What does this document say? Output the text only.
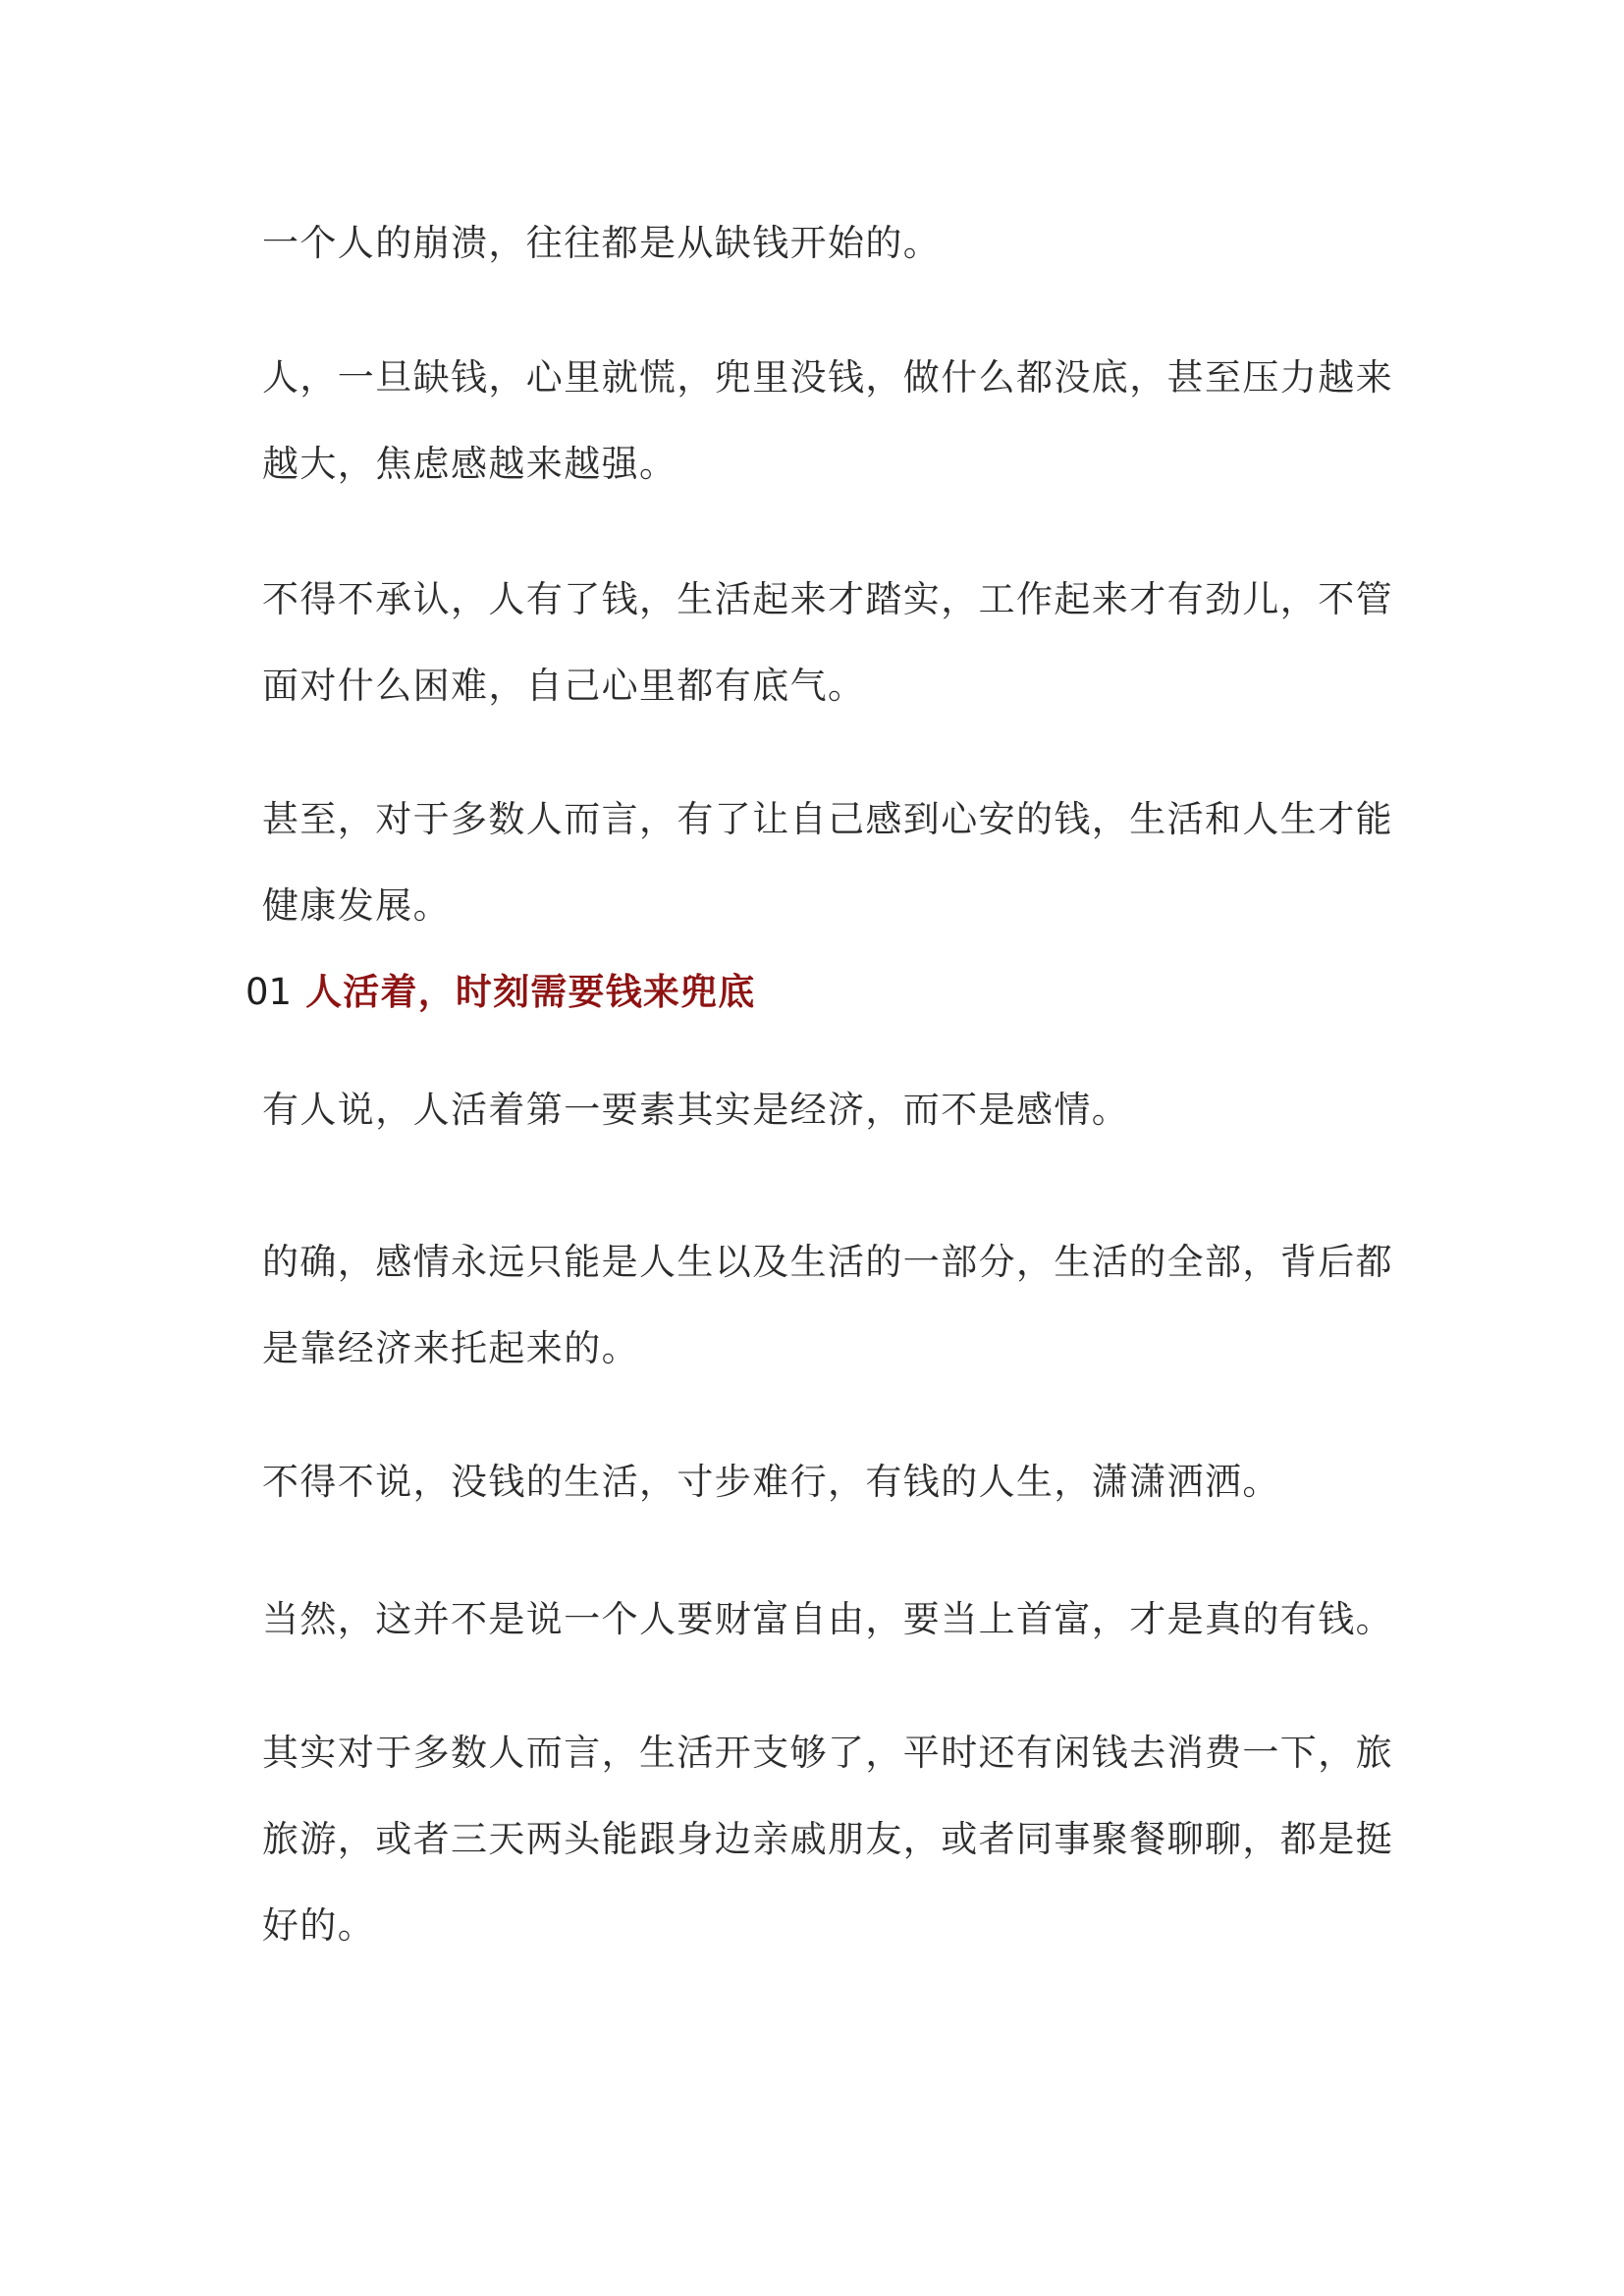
一个人的崩溃，往往都是从缺钱开始的。

人，一旦缺钱，心里就慌，兜里没钱，做什么都没底，甚至压力越来
越大，焦虑感越来越强。

不得不承认，人有了钱，生活起来才踏实，工作起来才有劲儿，不管
面对什么困难，自己心里都有底气。

甚至，对于多数人而言，有了让自己感到心安的钱，生活和人生才能
健康发展。

01 人活着，时刻需要钱来兜底

有人说，人活着第一要素其实是经济，而不是感情。

的确，感情永远只能是人生以及生活的一部分，生活的全部，背后都
是靠经济来托起来的。

不得不说，没钱的生活，寸步难行，有钱的人生，潇潇洒洒。

当然，这并不是说一个人要财富自由，要当上首富，才是真的有钱。

其实对于多数人而言，生活开支够了，平时还有闲钱去消费一下，旅
旅游，或者三天两头能跟身边亲戚朋友，或者同事聚餐聊聊，都是挺
好的。
